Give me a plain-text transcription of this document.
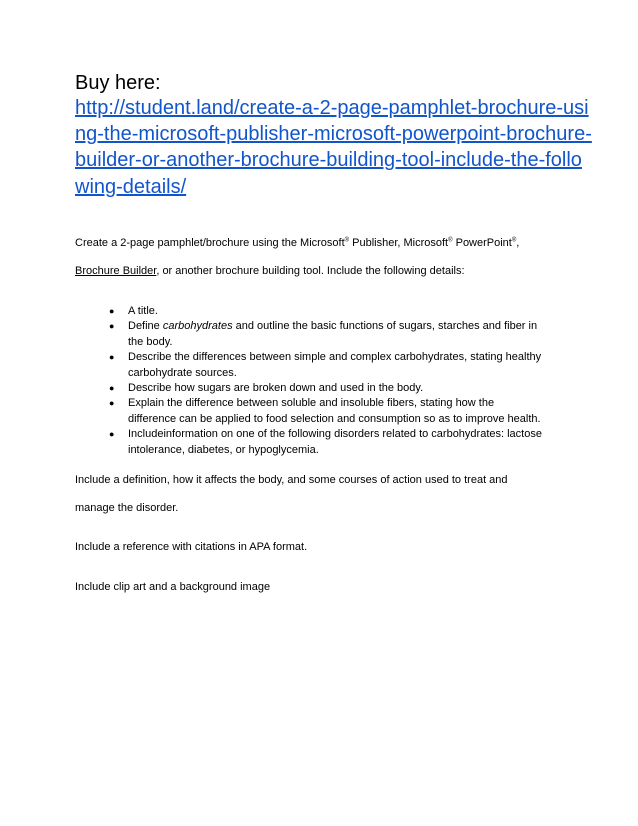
Buy here:

http://student.land/create-a-2-page-pamphlet-brochure-usi
ng-the-microsoft-publisher-microsoft-powerpoint-brochure-
builder-or-another-brochure-building-tool-include-the-follo
wing-details/

Create a 2-page pamphlet/brochure using the Microsoft® Publisher, Microsoft® PowerPoint®,

Brochure Builder, or another brochure building tool. Include the following details:

● A title.
● Define carbohydrates and outline the basic functions of sugars, starches and fiber in
the body.
● Describe the differences between simple and complex carbohydrates, stating healthy
carbohydrate sources.
● Describe how sugars are broken down and used in the body.
● Explain the difference between soluble and insoluble fibers, stating how the
difference can be applied to food selection and consumption so as to improve health.
● Includeinformation on one of the following disorders related to carbohydrates: lactose
intolerance, diabetes, or hypoglycemia.

Include a definition, how it affects the body, and some courses of action used to treat and

manage the disorder.

Include a reference with citations in APA format.

Include clip art and a background image
